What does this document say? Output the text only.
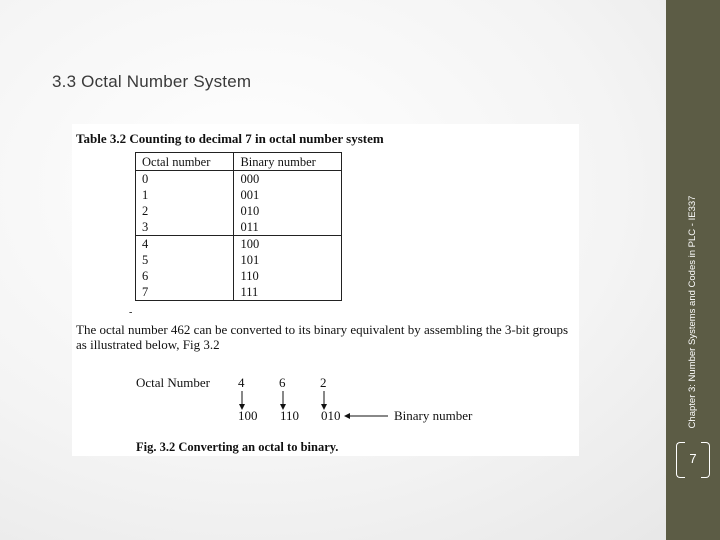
3.3 Octal Number System
Table 3.2 Counting to decimal 7 in octal number system
Octal number	Binary number
0	000
1	001
2	010
3	011
4	100
5	101
6	110
7	111
-
The octal number 462 can be converted to its binary equivalent by assembling the 3-bit groups as illustrated below, Fig 3.2
Octal Number 4	6	2
100 110 010	Binary number
Fig. 3.2 Converting an octal to binary.
Chapter 3: Number Systems and Codes in PLC - IE337
7
